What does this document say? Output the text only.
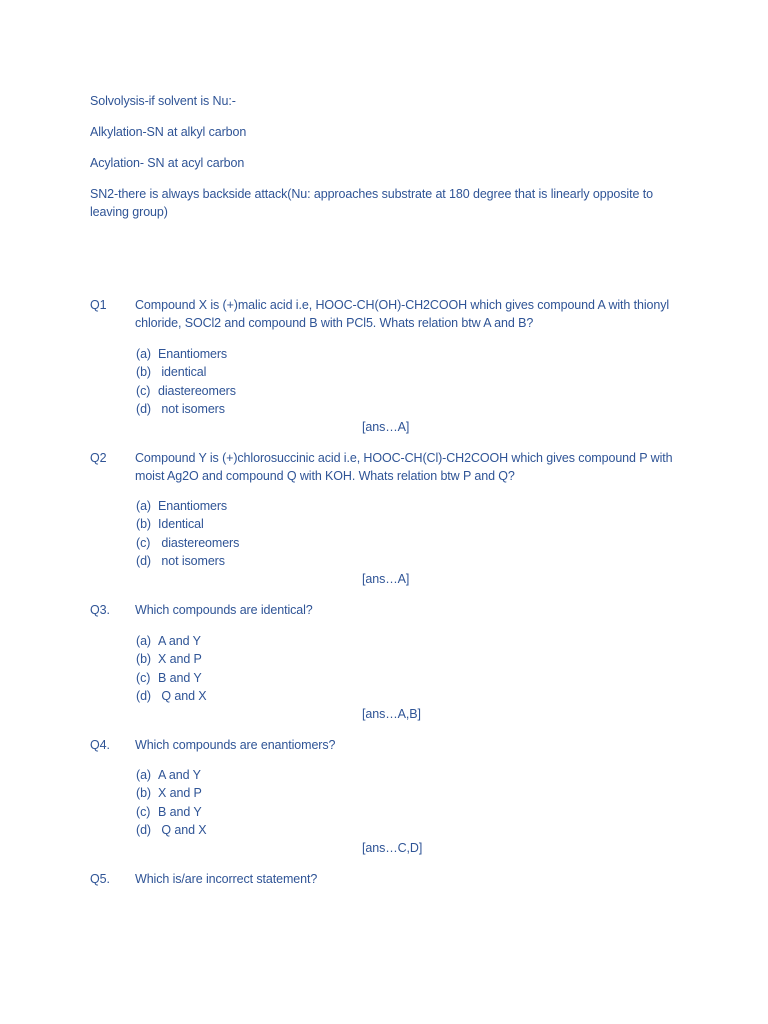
Solvolysis-if solvent is Nu:-
Alkylation-SN at alkyl carbon
Acylation- SN at acyl carbon
SN2-there is always backside attack(Nu: approaches substrate at 180 degree that is linearly opposite to leaving group)
Q1 Compound X is (+)malic acid i.e, HOOC-CH(OH)-CH2COOH which gives compound A with thionyl chloride, SOCl2 and compound B with PCl5. Whats relation btw A and B?
(a) Enantiomers
(b) identical
(c) diastereomers
(d) not isomers
[ans…A]
Q2 Compound Y is (+)chlorosuccinic acid i.e, HOOC-CH(Cl)-CH2COOH which gives compound P with moist Ag2O and compound Q with KOH. Whats relation btw P and Q?
(a) Enantiomers
(b) Identical
(c) diastereomers
(d) not isomers
[ans…A]
Q3. Which compounds are identical?
(a) A and Y
(b) X and P
(c) B and Y
(d) Q and X
[ans…A,B]
Q4. Which compounds are enantiomers?
(a) A and Y
(b) X and P
(c) B and Y
(d) Q and X
[ans…C,D]
Q5. Which is/are incorrect statement?
